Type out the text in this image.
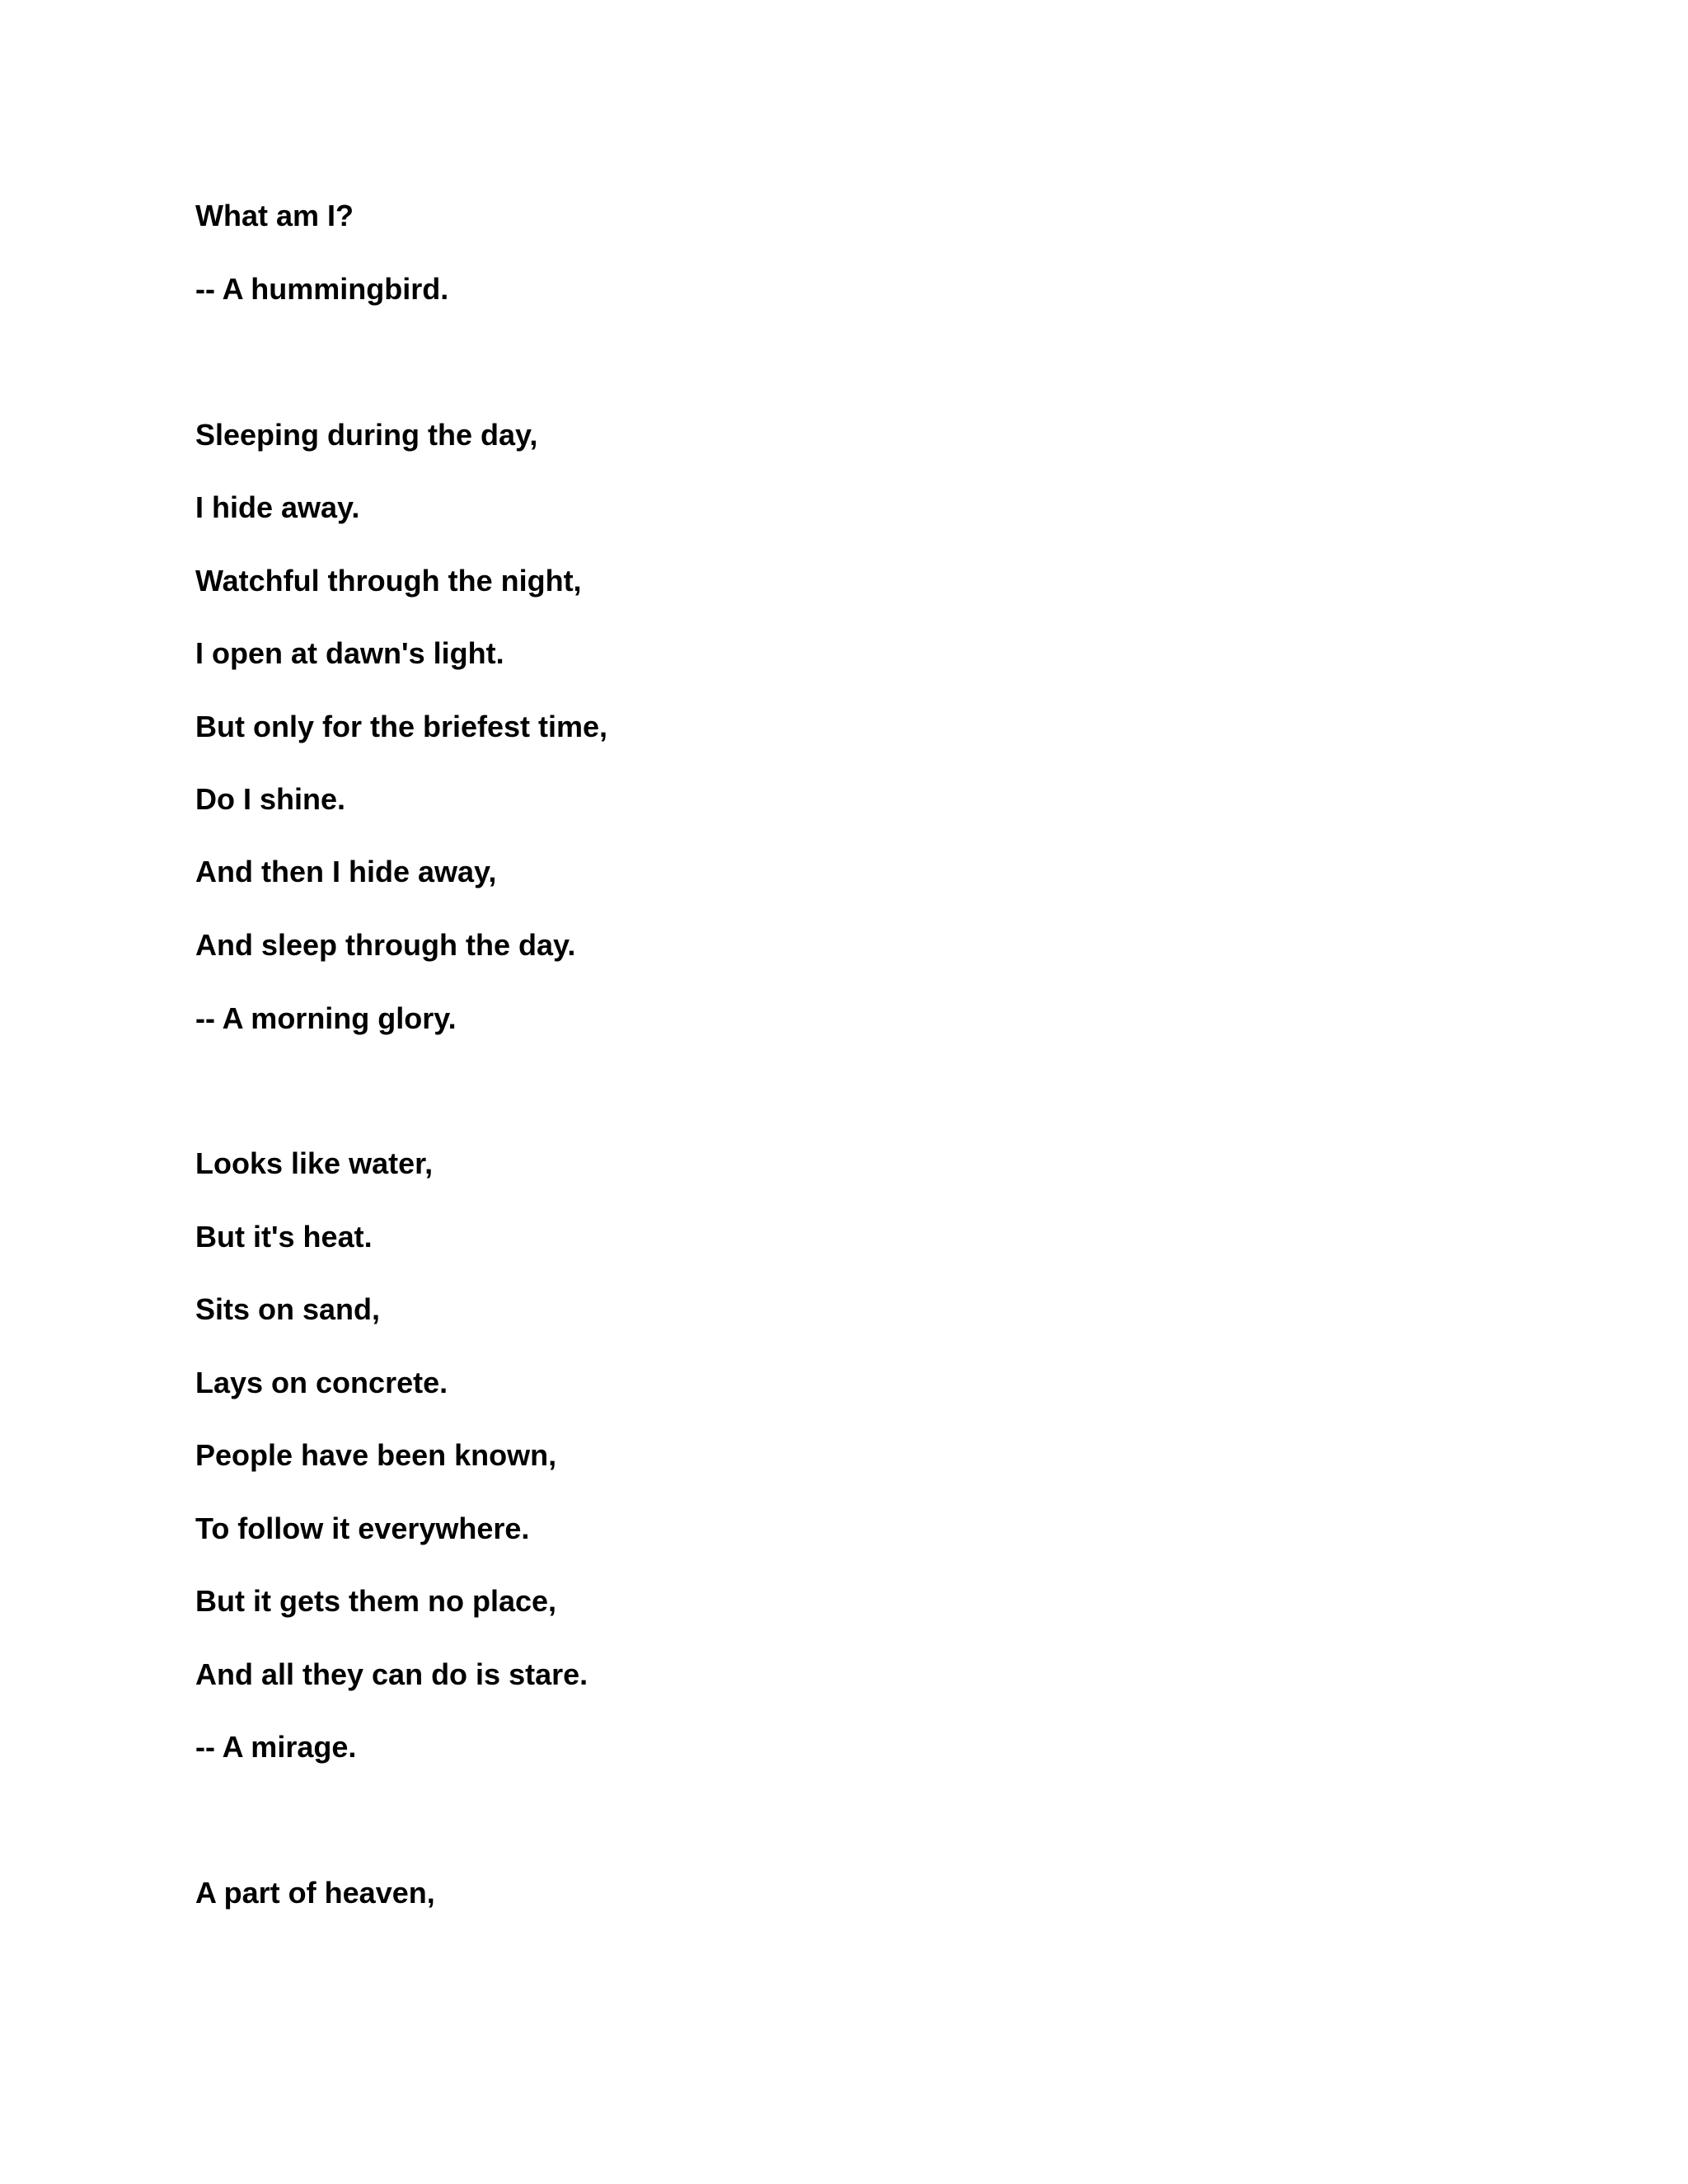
What am I?
-- A hummingbird.
Sleeping during the day,
I hide away.
Watchful through the night,
I open at dawn's light.
But only for the briefest time,
Do I shine.
And then I hide away,
And sleep through the day.
-- A morning glory.
Looks like water,
But it's heat.
Sits on sand,
Lays on concrete.
People have been known,
To follow it everywhere.
But it gets them no place,
And all they can do is stare.
-- A mirage.
A part of heaven,
